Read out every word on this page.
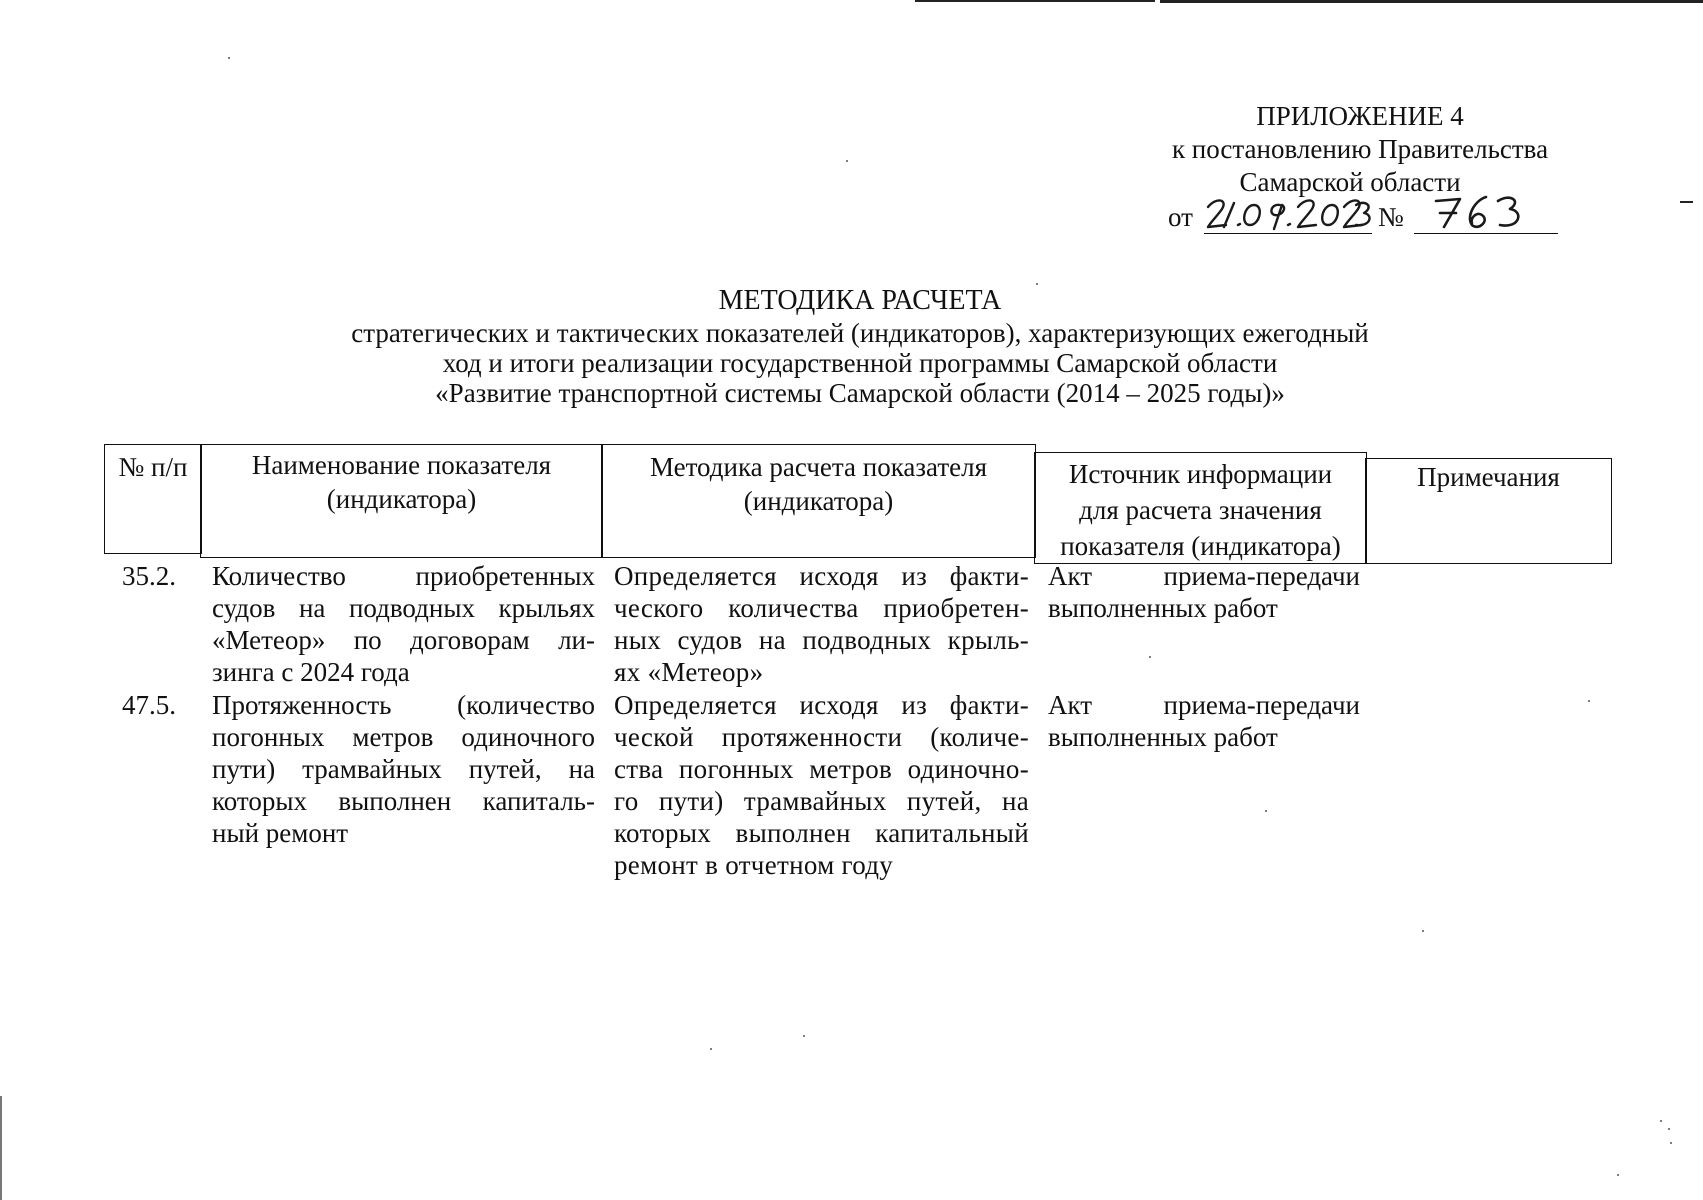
ПРИЛОЖЕНИЕ 4
к постановлению Правительства
Самарской области
от	№
МЕТОДИКА РАСЧЕТА
стратегических и тактических показателей (индикаторов), характеризующих ежегодный
ход и итоги реализации государственной программы Самарской области
«Развитие транспортной системы Самарской области (2014 – 2025 годы)»
№ п/п	Наименование показателя
(индикатора)
Методика расчета показателя
(индикатора)
Источник информации
для расчета значения
показателя (индикатора)
Примечания
35.2. Количество приобретенных
судов на подводных крыльях
«Метеор» по договорам ли-
зинга с 2024 года
Определяется исходя из факти-
ческого количества приобретен-
ных судов на подводных крыль-
ях «Метеор»
Акт приема-передачи
выполненных работ
47.5. Протяженность (количество
погонных метров одиночного
пути) трамвайных путей, на
которых выполнен капиталь-
ный ремонт
Определяется исходя из факти-
ческой протяженности (количе-
ства погонных метров одиночно-
го пути) трамвайных путей, на
которых выполнен капитальный
ремонт в отчетном году
Акт приема-передачи
выполненных работ
